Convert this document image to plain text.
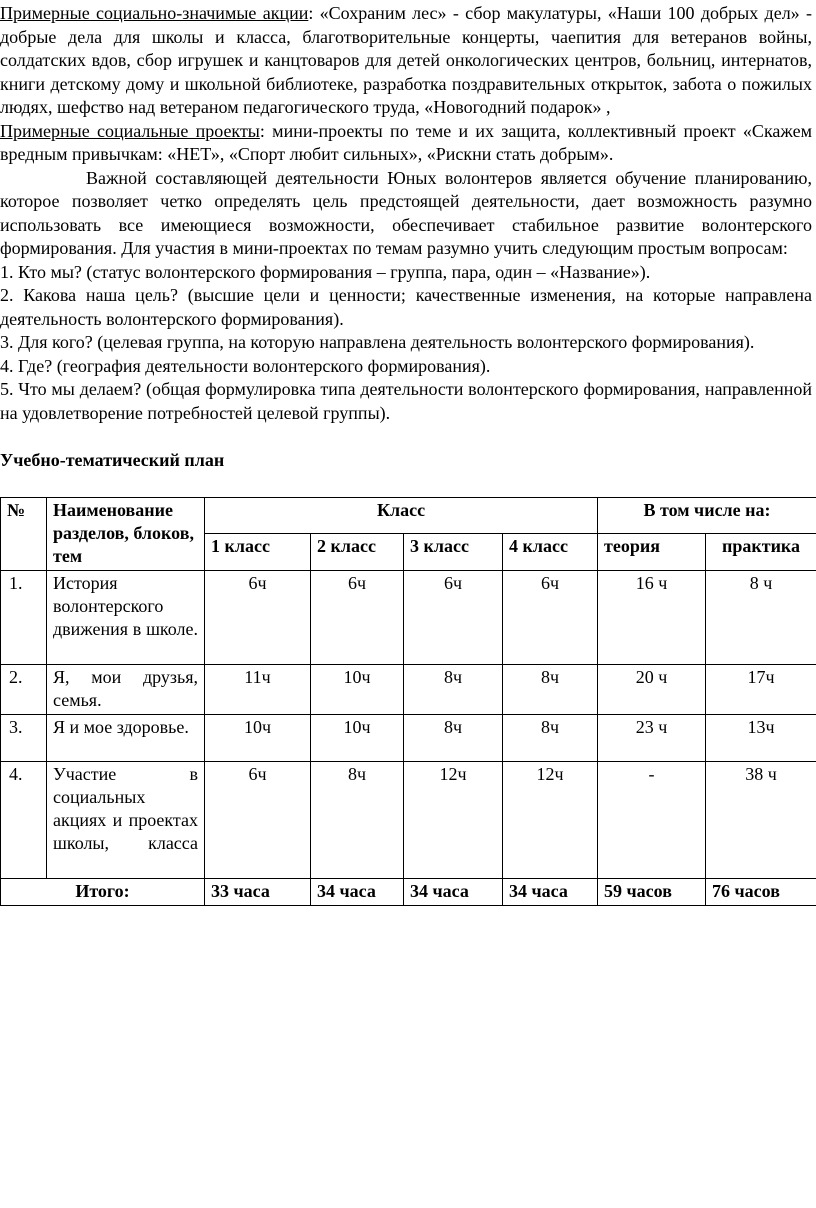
Примерные социально-значимые акции: «Сохраним лес» - сбор макулатуры, «Наши 100 добрых дел» - добрые дела для школы и класса, благотворительные концерты, чаепития для ветеранов войны, солдатских вдов, сбор игрушек и канцтоваров для детей онкологических центров, больниц, интернатов, книги детскому дому и школьной библиотеке, разработка поздравительных открыток, забота о пожилых людях, шефство над ветераном педагогического труда, «Новогодний подарок» ,

Примерные социальные проекты: мини-проекты по теме и их защита, коллективный проект «Скажем вредным привычкам: «НЕТ», «Спорт любит сильных», «Рискни стать добрым».

Важной составляющей деятельности Юных волонтеров является обучение планированию, которое позволяет четко определять цель предстоящей деятельности, дает возможность разумно использовать все имеющиеся возможности, обеспечивает стабильное развитие волонтерского формирования. Для участия в мини-проектах по темам разумно учить следующим простым вопросам:

1. Кто мы? (статус волонтерского формирования – группа, пара, один – «Название»).

2. Какова наша цель? (высшие цели и ценности; качественные изменения, на которые направлена деятельность волонтерского формирования).

3. Для кого? (целевая группа, на которую направлена деятельность волонтерского формирования).

4. Где? (география деятельности волонтерского формирования).

5. Что мы делаем? (общая формулировка типа деятельности волонтерского формирования, направленной на удовлетворение потребностей целевой группы).

Учебно-тематический план

№	Наименование разделов, блоков, тем	Класс				В том числе на:	
		1 класс	2 класс	3 класс	4 класс	теория	практика
1.	История волонтерского движения в школе.	6ч	6ч	6ч	6ч	16 ч	8 ч
2.	Я, мои друзья, семья.	11ч	10ч	8ч	8ч	20 ч	17ч
3.	Я и мое здоровье.	10ч	10ч	8ч	8ч	23 ч	13ч
4.	Участие в социальных акциях и проектах школы, класса	6ч	8ч	12ч	12ч	-	38 ч
Итого:		33 часа	34 часа	34 часа	34 часа	59 часов	76 часов
